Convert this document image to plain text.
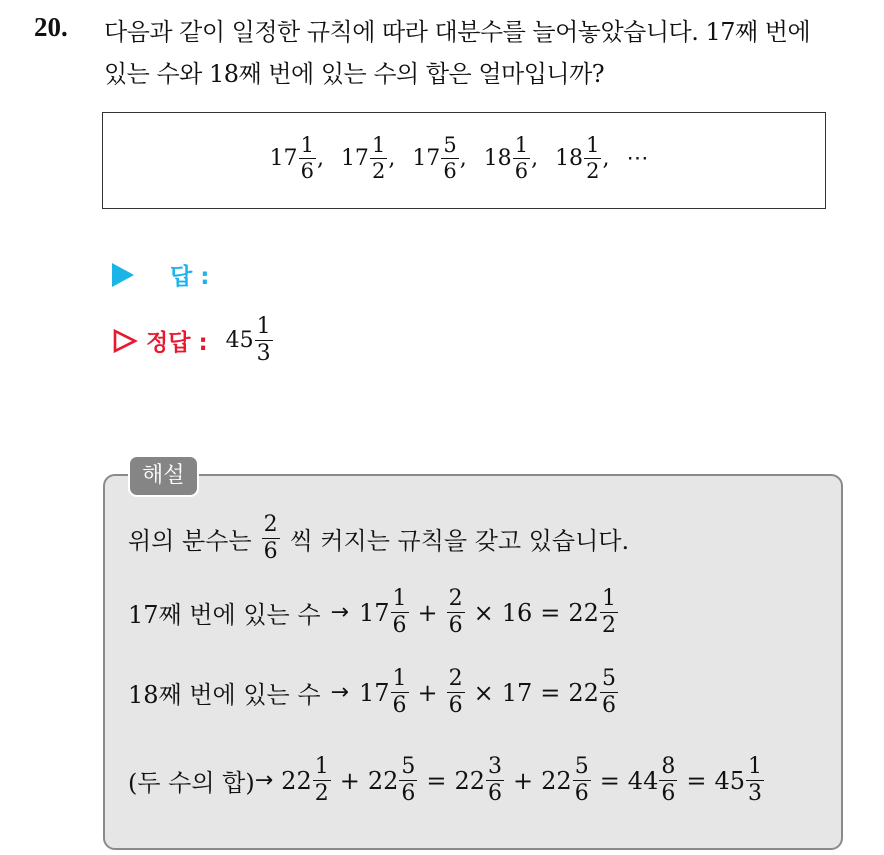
20. 다음과 같이 일정한 규칙에 따라 대분수를 늘어놓았습니다. 17째 번에
있는 수와 18째 번에 있는 수의 합은 얼마입니까?
$17 \frac{1}{6}$ ,
$17 \frac{1}{2}$ ,
$17 \frac{5}{6}$ ,
$18 \frac{1}{6}$ ,
$18 \frac{1}{2}$ , ⋯
답 :
정답 : $45 \frac{1}{3}$
해설
위의 분수는 $\frac{2}{6}$ 씩 커지는 규칙을 갖고 있습니다.
17째 번에 있는 수 → $17 \frac{1}{6} + \frac{2}{6} \times 16 = 22 \frac{1}{2}$
18째 번에 있는 수 → $17 \frac{1}{6} + \frac{2}{6} \times 17 = 22 \frac{5}{6}$
(두 수의 합) → $22 \frac{1}{2} + 22 \frac{5}{6} = 22 \frac{3}{6} + 22 \frac{5}{6} = 44 \frac{8}{6} = 45 \frac{1}{3}$
